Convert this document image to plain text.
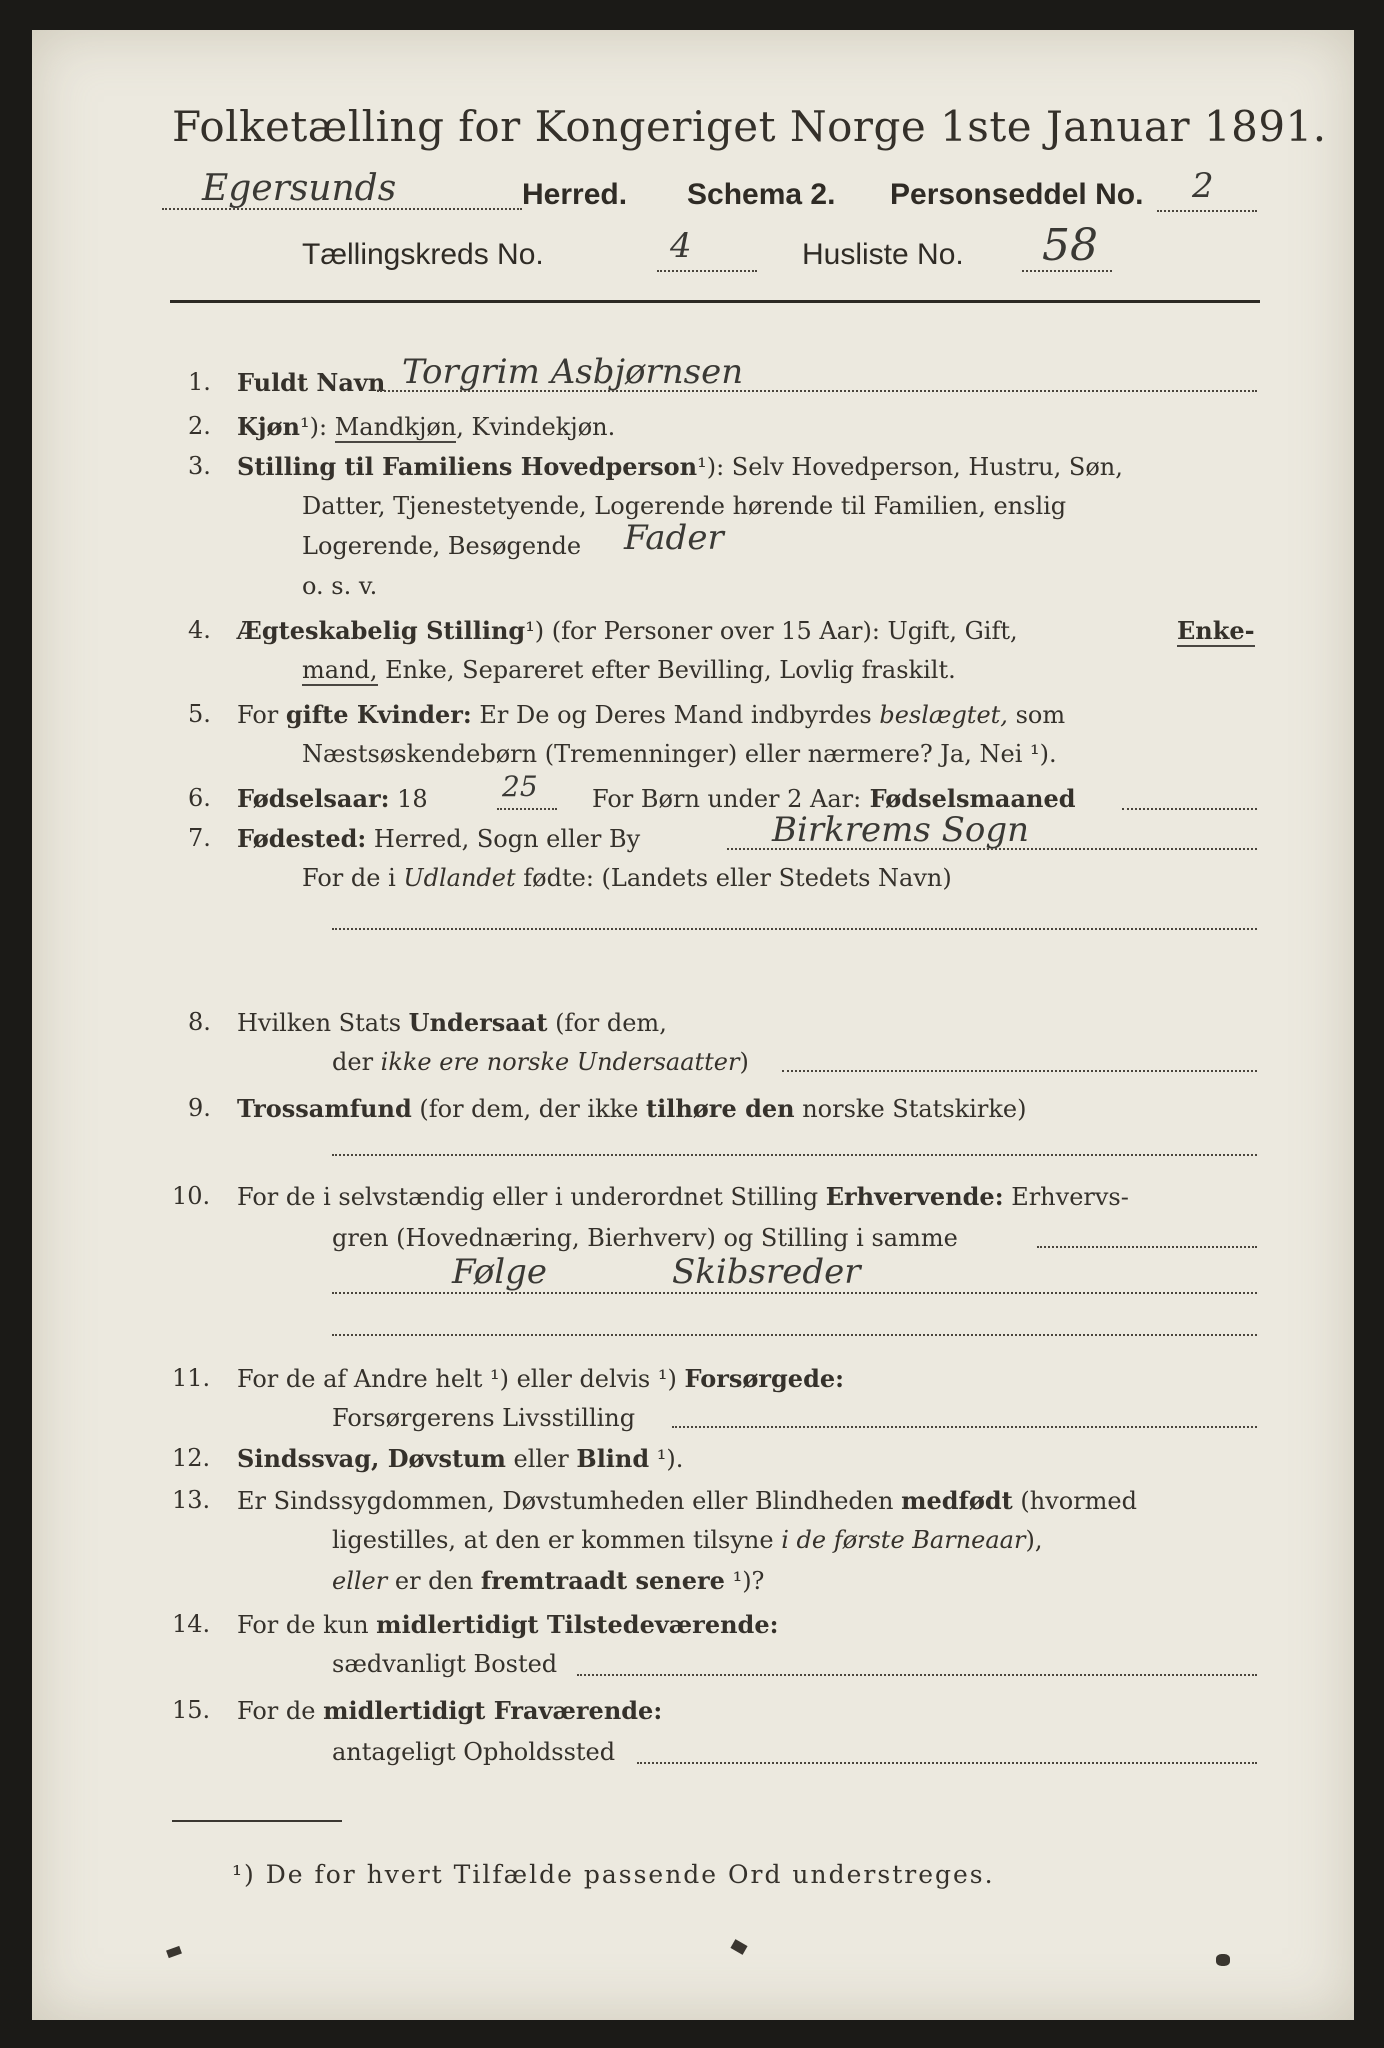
Folketælling for Kongeriget Norge 1ste Januar 1891.
Egersunds	Herred. Schema 2. Personseddel No. 2
Tællingskreds No.	4	Husliste No. 58
1. Fuldt Navn Torgrim Asbjørnsen
2. Kjøn¹): Mandkjøn, Kvindekjøn.
3. Stilling til Familiens Hovedperson¹): Selv Hovedperson, Hustru, Søn,
Datter, Tjenestetyende, Logerende hørende til Familien, enslig
Logerende, Besøgende Fader
o. s. v.
4. Ægteskabelig Stilling¹) (for Personer over 15 Aar): Ugift, Gift,	Enke-
mand, Enke, Separeret efter Bevilling, Lovlig fraskilt.
5. For gifte Kvinder: Er De og Deres Mand indbyrdes beslægtet, som
Næstsøskendebørn (Tremenninger) eller nærmere? Ja, Nei ¹).
6. Fødselsaar: 18	25 For Børn under 2 Aar: Fødselsmaaned
7. Fødested: Herred, Sogn eller By	Birkrems Sogn
For de i Udlandet fødte: (Landets eller Stedets Navn)
8. Hvilken Stats Undersaat (for dem,
der ikke ere norske Undersaatter)
9. Trossamfund (for dem, der ikke tilhøre den norske Statskirke)
10. For de i selvstændig eller i underordnet Stilling Erhvervende: Erhvervs-
gren (Hovednæring, Bierhverv) og Stilling i samme
Følge	Skibsreder
11. For de af Andre helt ¹) eller delvis ¹) Forsørgede:
Forsørgerens Livsstilling
12. Sindssvag, Døvstum eller Blind ¹).
13. Er Sindssygdommen, Døvstumheden eller Blindheden medfødt (hvormed
ligestilles, at den er kommen tilsyne i de første Barneaar),
eller er den fremtraadt senere ¹)?
14. For de kun midlertidigt Tilstedeværende:
sædvanligt Bosted
15. For de midlertidigt Fraværende:
antageligt Opholdssted
¹) De for hvert Tilfælde passende Ord understreges.
